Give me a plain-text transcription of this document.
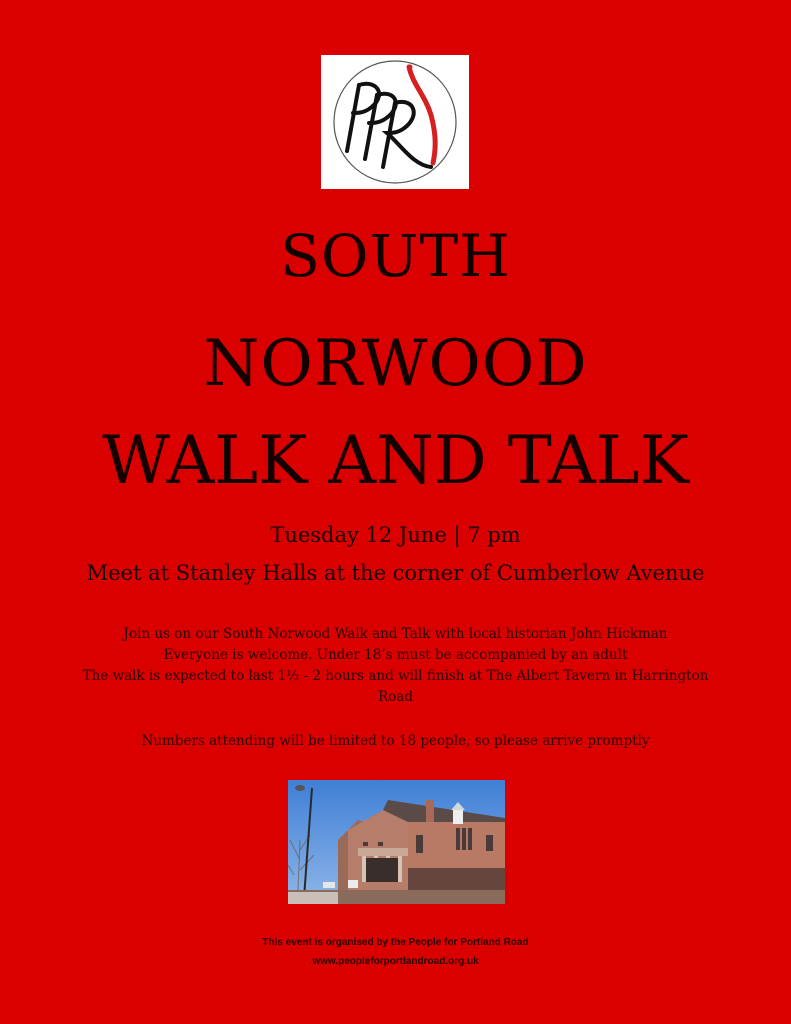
SOUTH
NORWOOD
WALK AND TALK
Tuesday 12 June | 7 pm
Meet at Stanley Halls at the corner of Cumberlow Avenue

Join us on our South Norwood Walk and Talk with local historian John Hickman

Everyone is welcome. Under 18’s must be accompanied by an adult

The walk is expected to last 1½ - 2 hours and will finish at The Albert Tavern in Harrington

Road

Numbers attending will be limited to 18 people, so please arrive promptly
This event is organised by the People for Portland Road
www.peopleforportlandroad.org.uk
